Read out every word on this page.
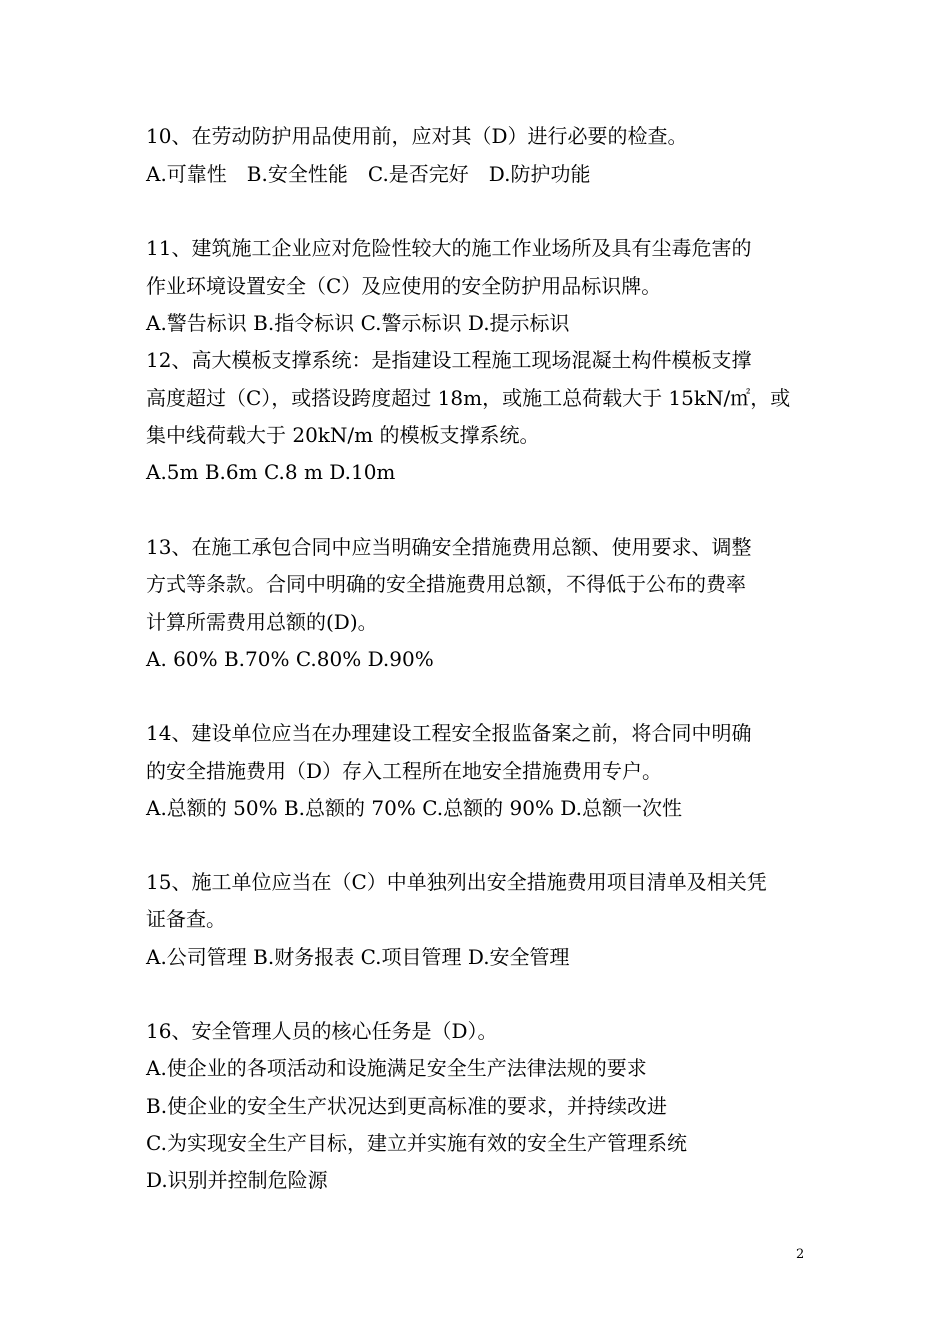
10、在劳动防护用品使用前，应对其（D）进行必要的检查。
A.可靠性　B.安全性能　C.是否完好　D.防护功能
11、建筑施工企业应对危险性较大的施工作业场所及具有尘毒危害的
作业环境设置安全（C）及应使用的安全防护用品标识牌。
A.警告标识 B.指令标识 C.警示标识 D.提示标识
12、高大模板支撑系统：是指建设工程施工现场混凝土构件模板支撑
高度超过（C），或搭设跨度超过 18m，或施工总荷载大于 15kN/㎡，或
集中线荷载大于 20kN/m 的模板支撑系统。
A.5m B.6m C.8 m D.10m
13、在施工承包合同中应当明确安全措施费用总额、使用要求、调整
方式等条款。合同中明确的安全措施费用总额，不得低于公布的费率
计算所需费用总额的(D)。
A. 60% B.70% C.80% D.90%
14、建设单位应当在办理建设工程安全报监备案之前，将合同中明确
的安全措施费用（D）存入工程所在地安全措施费用专户。
A.总额的 50% B.总额的 70% C.总额的 90% D.总额一次性
15、施工单位应当在（C）中单独列出安全措施费用项目清单及相关凭
证备查。
A.公司管理 B.财务报表 C.项目管理 D.安全管理
16、安全管理人员的核心任务是（D）。
A.使企业的各项活动和设施满足安全生产法律法规的要求
B.使企业的安全生产状况达到更高标准的要求，并持续改进
C.为实现安全生产目标，建立并实施有效的安全生产管理系统
D.识别并控制危险源
2
